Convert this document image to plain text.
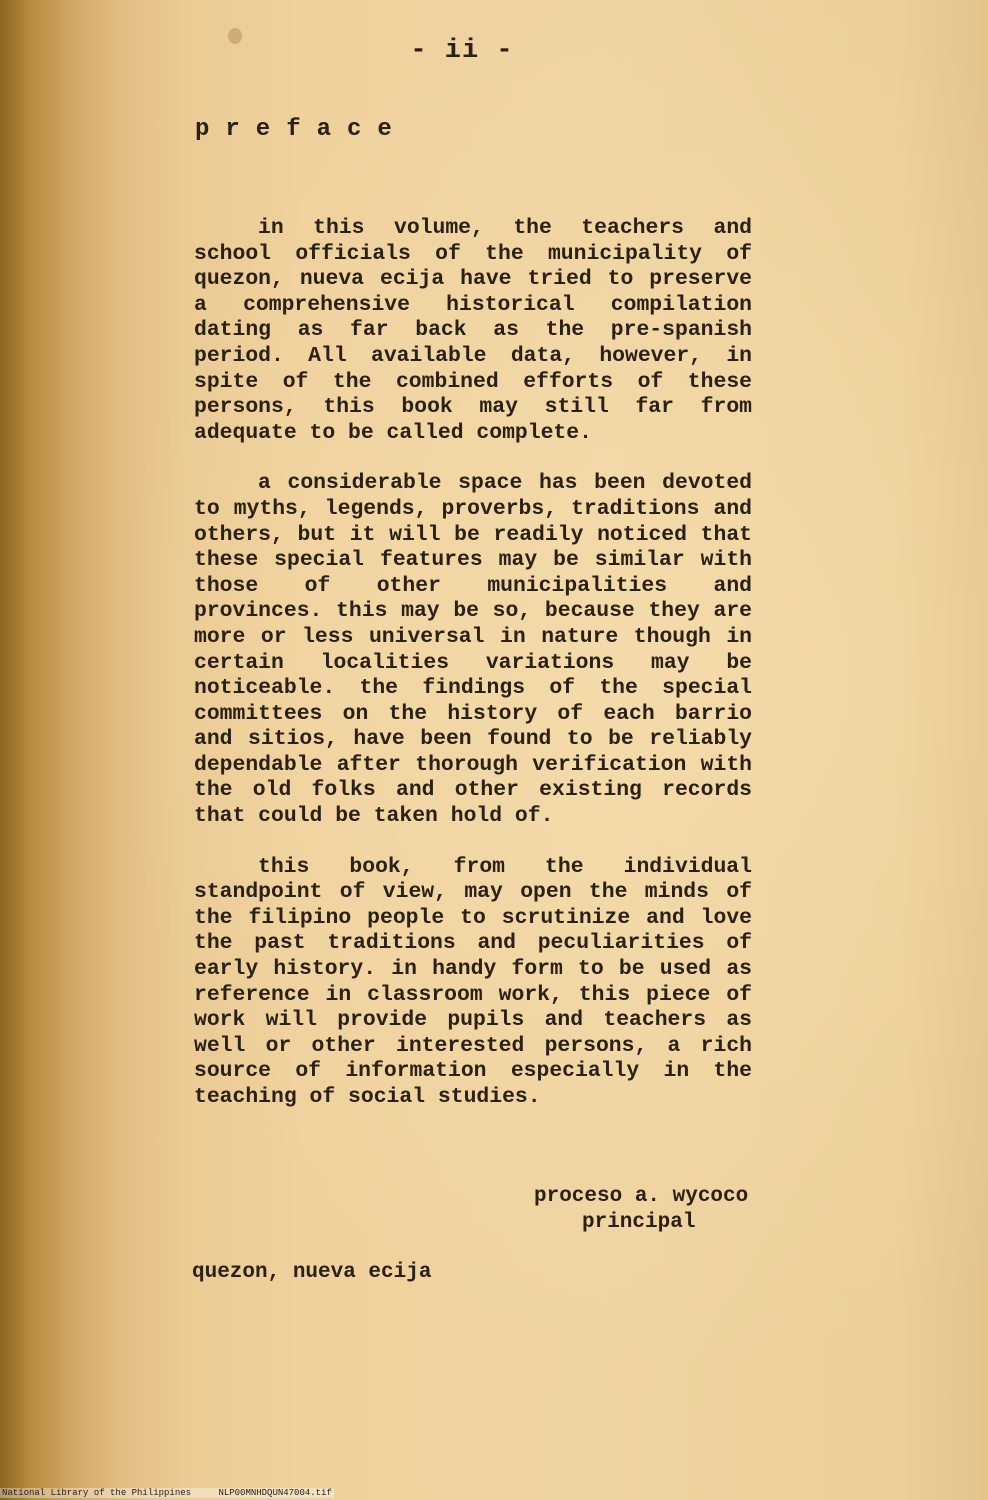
- ii -
preface

in this volume, the teachers and school officials of the municipality of quezon, nueva ecija have tried to preserve a comprehensive historical compilation dating as far back as the pre-spanish period. All available data, however, in spite of the combined efforts of these persons, this book may still far from adequate to be called complete.

a considerable space has been devoted to myths, legends, proverbs, traditions and others, but it will be readily noticed that these special features may be similar with those of other municipalities and provinces. this may be so, because they are more or less universal in nature though in certain localities variations may be noticeable. the findings of the special committees on the history of each barrio and sitios, have been found to be reliably dependable after thorough verification with the old folks and other existing records that could be taken hold of.

this book, from the individual standpoint of view, may open the minds of the filipino people to scrutinize and love the past traditions and peculiarities of early history. in handy form to be used as reference in classroom work, this piece of work will provide pupils and teachers as well or other interested persons, a rich source of information especially in the teaching of social studies.

proceso a. wycoco
principal
quezon, nueva ecija
National Library of the Philippines	NLP00MNHDQUN47004.tif
